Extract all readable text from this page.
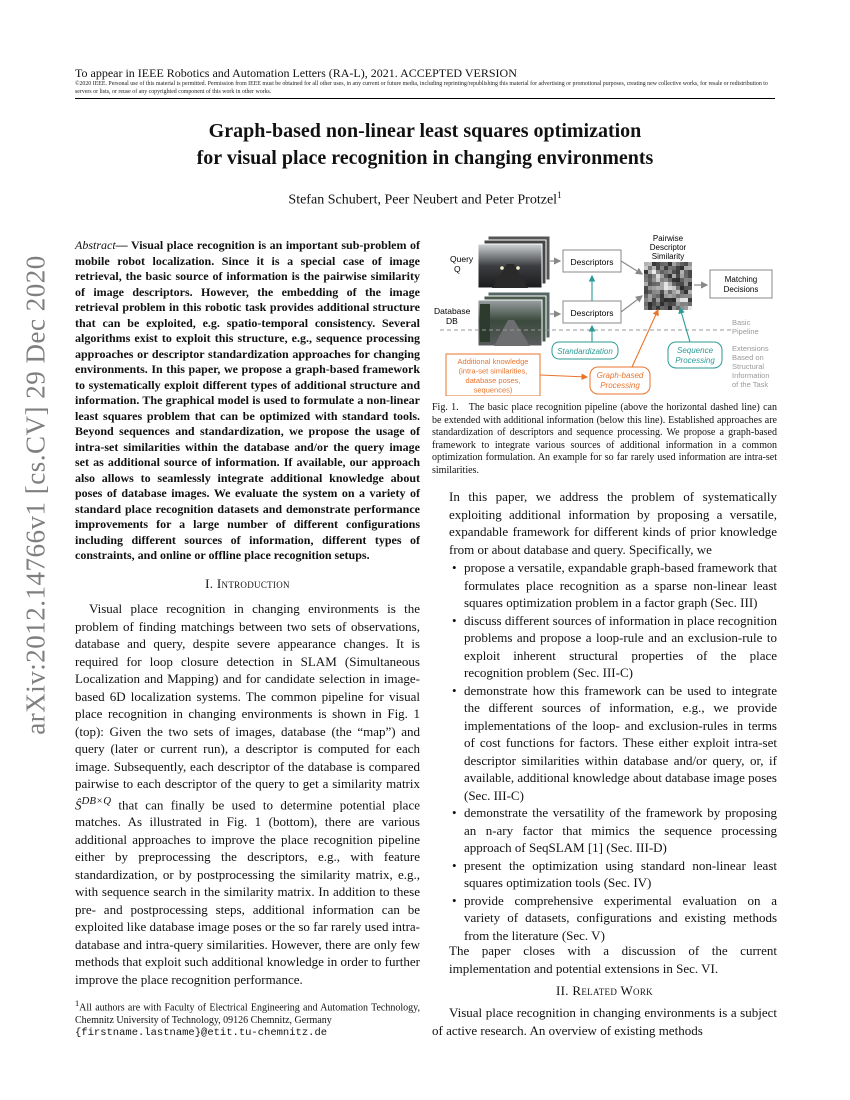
To appear in IEEE Robotics and Automation Letters (RA-L), 2021. ACCEPTED VERSION
©2020 IEEE. Personal use of this material is permitted. Permission from IEEE must be obtained for all other uses, in any current or future media, including reprinting/republishing this material for advertising or promotional purposes, creating new collective works, for resale or redistribution to servers or lists, or reuse of any copyrighted component of this work in other works.
arXiv:2012.14766v1 [cs.CV] 29 Dec 2020
Graph-based non-linear least squares optimization
for visual place recognition in changing environments
Stefan Schubert, Peer Neubert and Peter Protzel$^1$
Abstract— Visual place recognition is an important sub-problem of mobile robot localization. Since it is a special case of image retrieval, the basic source of information is the pairwise similarity of image descriptors. However, the embedding of the image retrieval problem in this robotic task provides additional structure that can be exploited, e.g. spatio-temporal consistency. Several algorithms exist to exploit this structure, e.g., sequence processing approaches or descriptor standardization approaches for changing environments. In this paper, we propose a graph-based framework to systematically exploit different types of additional structure and information. The graphical model is used to formulate a non-linear least squares problem that can be optimized with standard tools. Beyond sequences and standardization, we propose the usage of intra-set similarities within the database and/or the query image set as additional source of information. If available, our approach also allows to seamlessly integrate additional knowledge about poses of database images. We evaluate the system on a variety of standard place recognition datasets and demonstrate performance improvements for a large number of different configurations including different sources of information, different types of constraints, and online or offline place recognition setups.
I. Introduction
Visual place recognition in changing environments is the problem of finding matchings between two sets of observations, database and query, despite severe appearance changes. It is required for loop closure detection in SLAM (Simultaneous Localization and Mapping) and for candidate selection in image-based 6D localization systems. The common pipeline for visual place recognition in changing environments is shown in Fig. 1 (top): Given the two sets of images, database (the “map”) and query (later or current run), a descriptor is computed for each image. Subsequently, each descriptor of the database is compared pairwise to each descriptor of the query to get a similarity matrix $Ŝ^{DB\times Q}$ that can finally be used to determine potential place matches. As illustrated in Fig. 1 (bottom), there are various additional approaches to improve the place recognition pipeline either by preprocessing the descriptors, e.g., with feature standardization, or by postprocessing the similarity matrix, e.g., with sequence search in the similarity matrix. In addition to these pre- and postprocessing steps, additional information can be exploited like database image poses or the so far rarely used intra-database and intra-query similarities. However, there are only few methods that exploit such additional knowledge in order to further improve the place recognition performance.
$^1$All authors are with Faculty of Electrical Engineering and Automation Technology, Chemnitz University of Technology, 09126 Chemnitz, Germany
{firstname.lastname}@etit.tu-chemnitz.de
Query
Q
Database
DB
Descriptors
Descriptors
Pairwise
Descriptor
Similarity
Matching
Decisions
Basic
Pipeline
Extensions
Based on
Structural
Information
of the Task
Standardization	Sequence
Processing
Additional knowledge
(intra-set similarities,
database poses,
sequences)
Graph-based
Processing
Fig. 1. The basic place recognition pipeline (above the horizontal dashed line) can be extended with additional information (below this line). Established approaches are standardization of descriptors and sequence processing. We propose a graph-based framework to integrate various sources of additional information in a common optimization formulation. An example for so far rarely used information are intra-set similarities.
In this paper, we address the problem of systematically exploiting additional information by proposing a versatile, expandable framework for different kinds of prior knowledge from or about database and query. Specifically, we
• propose a versatile, expandable graph-based framework that formulates place recognition as a sparse non-linear least squares optimization problem in a factor graph (Sec. III)
• discuss different sources of information in place recognition problems and propose a loop-rule and an exclusion-rule to exploit inherent structural properties of the place recognition problem (Sec. III-C)
• demonstrate how this framework can be used to integrate the different sources of information, e.g., we provide implementations of the loop- and exclusion-rules in terms of cost functions for factors. These either exploit intra-set descriptor similarities within database and/or query, or, if available, additional knowledge about database image poses (Sec. III-C)
• demonstrate the versatility of the framework by proposing an n-ary factor that mimics the sequence processing approach of SeqSLAM [1] (Sec. III-D)
• present the optimization using standard non-linear least squares optimization tools (Sec. IV)
• provide comprehensive experimental evaluation on a variety of datasets, configurations and existing methods from the literature (Sec. V)
The paper closes with a discussion of the current implementation and potential extensions in Sec. VI.
II. Related Work
Visual place recognition in changing environments is a subject of active research. An overview of existing methods
